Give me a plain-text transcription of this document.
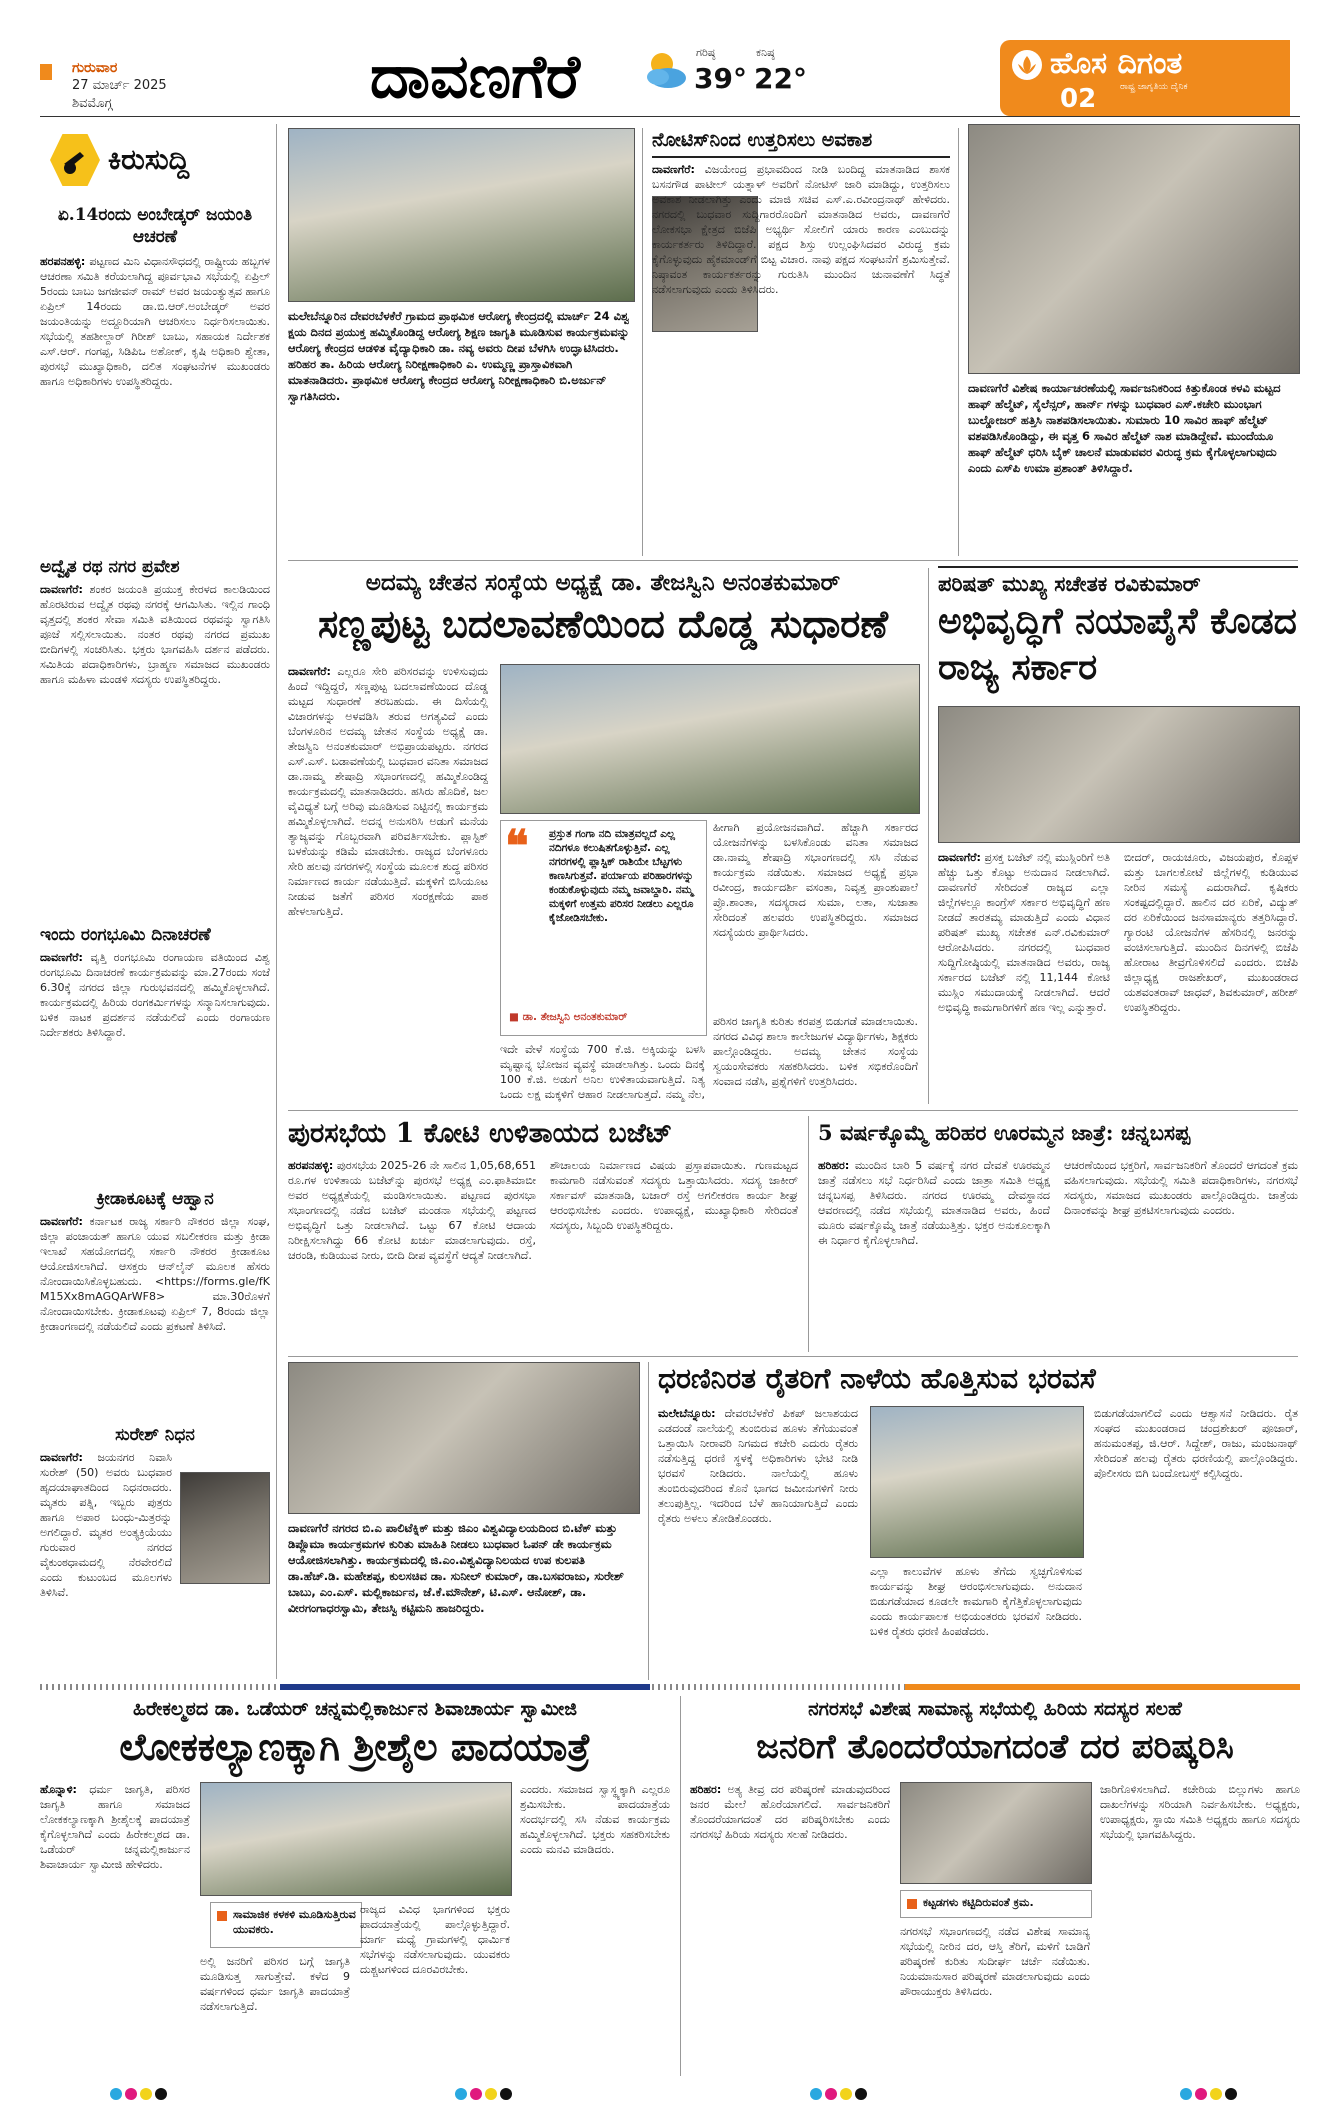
ಗುರುವಾರ
27 ಮಾರ್ಚ್ 2025
ಶಿವಮೊಗ್ಗ	ದಾವಣಗೆರೆ	ಗರಿಷ್ಠ
39°
ಕನಿಷ್ಠ
22°	ಹೊಸ ದಿಗಂತ
ರಾಷ್ಟ್ರ ಜಾಗೃತಿಯ ದೈನಿಕ
02
ಕಿರುಸುದ್ದಿ
ಏ.14ರಂದು ಅಂಬೇಡ್ಕರ್ ಜಯಂತಿ ಆಚರಣೆ
ಹರಪನಹಳ್ಳಿ: ಪಟ್ಟಣದ ಮಿನಿ ವಿಧಾನಸೌಧದಲ್ಲಿ ರಾಷ್ಟ್ರೀಯ ಹಬ್ಬಗಳ ಆಚರಣಾ ಸಮಿತಿ ಕರೆಯಲಾಗಿದ್ದ ಪೂರ್ವಭಾವಿ ಸಭೆಯಲ್ಲಿ ಏಪ್ರಿಲ್ 5ರಂದು ಬಾಬು ಜಗಜೀವನ್ ರಾಮ್ ಅವರ ಜಯಂತ್ಯುತ್ಸವ ಹಾಗೂ ಏಪ್ರಿಲ್ 14ರಂದು ಡಾ.ಬಿ.ಆರ್.ಅಂಬೇಡ್ಕರ್ ಅವರ ಜಯಂತಿಯನ್ನು ಅದ್ದೂರಿಯಾಗಿ ಆಚರಿಸಲು ನಿರ್ಧರಿಸಲಾಯಿತು. ಸಭೆಯಲ್ಲಿ ತಹಶೀಲ್ದಾರ್ ಗಿರೀಶ್ ಬಾಬು, ಸಹಾಯಕ ನಿರ್ದೇಶಕ ಎಸ್.ಆರ್. ಗಂಗಪ್ಪ, ಸಿಡಿಪಿಒ ಅಶೋಕ್, ಕೃಷಿ ಅಧಿಕಾರಿ ಶ್ವೇತಾ, ಪುರಸಭೆ ಮುಖ್ಯಾಧಿಕಾರಿ, ದಲಿತ ಸಂಘಟನೆಗಳ ಮುಖಂಡರು ಹಾಗೂ ಅಧಿಕಾರಿಗಳು ಉಪಸ್ಥಿತರಿದ್ದರು.
ಅದ್ವೈತ ರಥ ನಗರ ಪ್ರವೇಶ
ದಾವಣಗೆರೆ: ಶಂಕರ ಜಯಂತಿ ಪ್ರಯುಕ್ತ ಕೇರಳದ ಕಾಲಡಿಯಿಂದ ಹೊರಟಿರುವ ಅದ್ವೈತ ರಥವು ನಗರಕ್ಕೆ ಆಗಮಿಸಿತು. ಇಲ್ಲಿನ ಗಾಂಧಿ ವೃತ್ತದಲ್ಲಿ ಶಂಕರ ಸೇವಾ ಸಮಿತಿ ವತಿಯಿಂದ ರಥವನ್ನು ಸ್ವಾಗತಿಸಿ ಪೂಜೆ ಸಲ್ಲಿಸಲಾಯಿತು. ನಂತರ ರಥವು ನಗರದ ಪ್ರಮುಖ ಬೀದಿಗಳಲ್ಲಿ ಸಂಚರಿಸಿತು. ಭಕ್ತರು ಭಾಗವಹಿಸಿ ದರ್ಶನ ಪಡೆದರು. ಸಮಿತಿಯ ಪದಾಧಿಕಾರಿಗಳು, ಬ್ರಾಹ್ಮಣ ಸಮಾಜದ ಮುಖಂಡರು ಹಾಗೂ ಮಹಿಳಾ ಮಂಡಳಿ ಸದಸ್ಯರು ಉಪಸ್ಥಿತರಿದ್ದರು.
ಇಂದು ರಂಗಭೂಮಿ ದಿನಾಚರಣೆ
ದಾವಣಗೆರೆ: ವೃತ್ತಿ ರಂಗಭೂಮಿ ರಂಗಾಯಣ ವತಿಯಿಂದ ವಿಶ್ವ ರಂಗಭೂಮಿ ದಿನಾಚರಣೆ ಕಾರ್ಯಕ್ರಮವನ್ನು ಮಾ.27ರಂದು ಸಂಜೆ 6.30ಕ್ಕೆ ನಗರದ ಜಿಲ್ಲಾ ಗುರುಭವನದಲ್ಲಿ ಹಮ್ಮಿಕೊಳ್ಳಲಾಗಿದೆ. ಕಾರ್ಯಕ್ರಮದಲ್ಲಿ ಹಿರಿಯ ರಂಗಕರ್ಮಿಗಳನ್ನು ಸನ್ಮಾನಿಸಲಾಗುವುದು. ಬಳಿಕ ನಾಟಕ ಪ್ರದರ್ಶನ ನಡೆಯಲಿದೆ ಎಂದು ರಂಗಾಯಣ ನಿರ್ದೇಶಕರು ತಿಳಿಸಿದ್ದಾರೆ.
ಕ್ರೀಡಾಕೂಟಕ್ಕೆ ಆಹ್ವಾನ
ದಾವಣಗೆರೆ: ಕರ್ನಾಟಕ ರಾಜ್ಯ ಸರ್ಕಾರಿ ನೌಕರರ ಜಿಲ್ಲಾ ಸಂಘ, ಜಿಲ್ಲಾ ಪಂಚಾಯತ್ ಹಾಗೂ ಯುವ ಸಬಲೀಕರಣ ಮತ್ತು ಕ್ರೀಡಾ ಇಲಾಖೆ ಸಹಯೋಗದಲ್ಲಿ ಸರ್ಕಾರಿ ನೌಕರರ ಕ್ರೀಡಾಕೂಟ ಆಯೋಜಿಸಲಾಗಿದೆ. ಆಸಕ್ತರು ಆನ್‌ಲೈನ್ ಮೂಲಕ ಹೆಸರು ನೋಂದಾಯಿಸಿಕೊಳ್ಳಬಹುದು. <https://forms.gle/fKM15Xx8mAGQArWF8>	ಮಾ.30ರೊಳಗೆ ನೋಂದಾಯಿಸಬೇಕು. ಕ್ರೀಡಾಕೂಟವು ಏಪ್ರಿಲ್ 7, 8ರಂದು ಜಿಲ್ಲಾ ಕ್ರೀಡಾಂಗಣದಲ್ಲಿ ನಡೆಯಲಿದೆ ಎಂದು ಪ್ರಕಟಣೆ ತಿಳಿಸಿದೆ.
ಸುರೇಶ್ ನಿಧನ
ದಾವಣಗೆರೆ: ಜಯನಗರ ನಿವಾಸಿ ಸುರೇಶ್ (50) ಅವರು ಬುಧವಾರ ಹೃದಯಾಘಾತದಿಂದ ನಿಧನರಾದರು. ಮೃತರು ಪತ್ನಿ, ಇಬ್ಬರು ಪುತ್ರರು ಹಾಗೂ ಅಪಾರ ಬಂಧು-ಮಿತ್ರರನ್ನು ಅಗಲಿದ್ದಾರೆ. ಮೃತರ ಅಂತ್ಯಕ್ರಿಯೆಯು ಗುರುವಾರ ನಗರದ ವೈಕುಂಠಧಾಮದಲ್ಲಿ ನೆರವೇರಲಿದೆ ಎಂದು ಕುಟುಂಬದ ಮೂಲಗಳು ತಿಳಿಸಿವೆ.
ಮಲೇಬೆನ್ನೂರಿನ ದೇವರಬೆಳಕೆರೆ ಗ್ರಾಮದ ಪ್ರಾಥಮಿಕ ಆರೋಗ್ಯ ಕೇಂದ್ರದಲ್ಲಿ ಮಾರ್ಚ್ 24 ವಿಶ್ವ ಕ್ಷಯ ದಿನದ ಪ್ರಯುಕ್ತ ಹಮ್ಮಿಕೊಂಡಿದ್ದ ಆರೋಗ್ಯ ಶಿಕ್ಷಣ ಜಾಗೃತಿ ಮೂಡಿಸುವ ಕಾರ್ಯಕ್ರಮವನ್ನು ಆರೋಗ್ಯ ಕೇಂದ್ರದ ಆಡಳಿತ ವೈದ್ಯಾಧಿಕಾರಿ ಡಾ. ನವ್ಯ ಅವರು ದೀಪ ಬೆಳಗಿಸಿ ಉದ್ಘಾಟಿಸಿದರು. ಹರಿಹರ ತಾ. ಹಿರಿಯ ಆರೋಗ್ಯ ನಿರೀಕ್ಷಣಾಧಿಕಾರಿ ಎ. ಉಮ್ಮಣ್ಣ ಪ್ರಾಸ್ತಾವಿಕವಾಗಿ ಮಾತನಾಡಿದರು. ಪ್ರಾಥಮಿಕ ಆರೋಗ್ಯ ಕೇಂದ್ರದ ಆರೋಗ್ಯ ನಿರೀಕ್ಷಣಾಧಿಕಾರಿ ಬಿ.ಅರ್ಜುನ್ ಸ್ವಾಗತಿಸಿದರು.
ನೋಟಿಸ್‌ನಿಂದ ಉತ್ತರಿಸಲು ಅವಕಾಶ
ದಾವಣಗೆರೆ: ವಿಜಯೇಂದ್ರ ಪ್ರಭಾವದಿಂದ ನೀಡಿ ಬಂದಿದ್ದ ಮಾತನಾಡಿದ ಶಾಸಕ ಬಸನಗೌಡ ಪಾಟೀಲ್ ಯತ್ನಾಳ್ ಅವರಿಗೆ ನೋಟಿಸ್ ಜಾರಿ ಮಾಡಿದ್ದು, ಉತ್ತರಿಸಲು ಅವಕಾಶ ನೀಡಲಾಗಿತ್ತು ಎಂದು ಮಾಜಿ ಸಚಿವ ಎಸ್.ಎ.ರವೀಂದ್ರನಾಥ್ ಹೇಳಿದರು. ನಗರದಲ್ಲಿ ಬುಧವಾರ ಸುದ್ದಿಗಾರರೊಂದಿಗೆ ಮಾತನಾಡಿದ ಅವರು, ದಾವಣಗೆರೆ ಲೋಕಸಭಾ ಕ್ಷೇತ್ರದ ಬಿಜೆಪಿ ಅಭ್ಯರ್ಥಿ ಸೋಲಿಗೆ ಯಾರು ಕಾರಣ ಎಂಬುದನ್ನು ಕಾರ್ಯಕರ್ತರು ತಿಳಿದಿದ್ದಾರೆ. ಪಕ್ಷದ ಶಿಸ್ತು ಉಲ್ಲಂಘಿಸಿದವರ ವಿರುದ್ಧ ಕ್ರಮ ಕೈಗೊಳ್ಳುವುದು ಹೈಕಮಾಂಡ್‌ಗೆ ಬಿಟ್ಟ ವಿಚಾರ. ನಾವು ಪಕ್ಷದ ಸಂಘಟನೆಗೆ ಶ್ರಮಿಸುತ್ತೇವೆ. ನಿಷ್ಠಾವಂತ ಕಾರ್ಯಕರ್ತರನ್ನು ಗುರುತಿಸಿ ಮುಂದಿನ ಚುನಾವಣೆಗೆ ಸಿದ್ಧತೆ ನಡೆಸಲಾಗುವುದು ಎಂದು ತಿಳಿಸಿದರು.
ದಾವಣಗೆರೆ ವಿಶೇಷ ಕಾರ್ಯಾಚರಣೆಯಲ್ಲಿ ಸಾರ್ವಜನಿಕರಿಂದ ಕಿತ್ತುಕೊಂಡ ಕಳವಿ ಮಟ್ಟದ ಹಾಫ್ ಹೆಲ್ಮೆಟ್, ಸೈಲೆನ್ಸರ್, ಹಾರ್ನ್ ಗಳನ್ನು ಬುಧವಾರ ಎಸ್.ಕಚೇರಿ ಮುಂಭಾಗ ಬುಲ್ಡೋಜರ್ ಹತ್ತಿಸಿ ನಾಶಪಡಿಸಲಾಯಿತು. ಸುಮಾರು 10 ಸಾವಿರ ಹಾಫ್ ಹೆಲ್ಮೆಟ್ ವಶಪಡಿಸಿಕೊಂಡಿದ್ದು, ಈ ವೃತ್ತ 6 ಸಾವಿರ ಹೆಲ್ಮೆಟ್ ನಾಶ ಮಾಡಿದ್ದೇವೆ. ಮುಂದೆಯೂ ಹಾಫ್ ಹೆಲ್ಮೆಟ್ ಧರಿಸಿ ಬೈಕ್ ಚಾಲನೆ ಮಾಡುವವರ ವಿರುದ್ಧ ಕ್ರಮ ಕೈಗೊಳ್ಳಲಾಗುವುದು ಎಂದು ಎಸ್‌ಪಿ ಉಮಾ ಪ್ರಶಾಂತ್ ತಿಳಿಸಿದ್ದಾರೆ.
ಅದಮ್ಯ ಚೇತನ ಸಂಸ್ಥೆಯ ಅಧ್ಯಕ್ಷೆ ಡಾ. ತೇಜಸ್ವಿನಿ ಅನಂತಕುಮಾರ್
ಸಣ್ಣಪುಟ್ಟ ಬದಲಾವಣೆಯಿಂದ ದೊಡ್ಡ ಸುಧಾರಣೆ
ದಾವಣಗೆರೆ: ಎಲ್ಲರೂ ಸೇರಿ ಪರಿಸರವನ್ನು ಉಳಿಸುವುದು ಹಿಂದೆ ಇದ್ದಿದ್ದರೆ, ಸಣ್ಣಪುಟ್ಟ ಬದಲಾವಣೆಯಿಂದ ದೊಡ್ಡ ಮಟ್ಟದ ಸುಧಾರಣೆ ತರಬಹುದು. ಈ ದಿಸೆಯಲ್ಲಿ ವಿಚಾರಗಳನ್ನು ಅಳವಡಿಸಿ ತರುವ ಅಗತ್ಯವಿದೆ ಎಂದು ಬೆಂಗಳೂರಿನ ಅದಮ್ಯ ಚೇತನ ಸಂಸ್ಥೆಯ ಅಧ್ಯಕ್ಷೆ ಡಾ. ತೇಜಸ್ವಿನಿ ಅನಂತಕುಮಾರ್ ಅಭಿಪ್ರಾಯಪಟ್ಟರು. ನಗರದ ಎಸ್.ಎಸ್. ಬಡಾವಣೆಯಲ್ಲಿ ಬುಧವಾರ ವನಿತಾ ಸಮಾಜದ ಡಾ.ನಾಮ್ಮ ಶೇಷಾದ್ರಿ ಸಭಾಂಗಣದಲ್ಲಿ ಹಮ್ಮಿಕೊಂಡಿದ್ದ ಕಾರ್ಯಕ್ರಮದಲ್ಲಿ ಮಾತನಾಡಿದರು. ಹಸಿರು ಹೊದಿಕೆ, ಜಲ ವೈವಿಧ್ಯತೆ ಬಗ್ಗೆ ಅರಿವು ಮೂಡಿಸುವ ನಿಟ್ಟಿನಲ್ಲಿ ಕಾರ್ಯಕ್ರಮ ಹಮ್ಮಿಕೊಳ್ಳಲಾಗಿದೆ. ಅದನ್ನ ಅನುಸರಿಸಿ ಅಡುಗೆ ಮನೆಯ ತ್ಯಾಜ್ಯವನ್ನು ಗೊಬ್ಬರವಾಗಿ ಪರಿವರ್ತಿಸಬೇಕು. ಪ್ಲಾಸ್ಟಿಕ್ ಬಳಕೆಯನ್ನು ಕಡಿಮೆ ಮಾಡಬೇಕು. ರಾಜ್ಯದ ಬೆಂಗಳೂರು ಸೇರಿ ಹಲವು ನಗರಗಳಲ್ಲಿ ಸಂಸ್ಥೆಯ ಮೂಲಕ ಶುದ್ಧ ಪರಿಸರ ನಿರ್ಮಾಣದ ಕಾರ್ಯ ನಡೆಯುತ್ತಿದೆ. ಮಕ್ಕಳಿಗೆ ಬಿಸಿಯೂಟ ನೀಡುವ ಜತೆಗೆ ಪರಿಸರ ಸಂರಕ್ಷಣೆಯ ಪಾಠ ಹೇಳಲಾಗುತ್ತಿದೆ.
❝	ಪ್ರಸ್ತುತ ಗಂಗಾ ನದಿ ಮಾತ್ರವಲ್ಲದೆ ಎಲ್ಲ ನದಿಗಳೂ ಕಲುಷಿತಗೊಳ್ಳುತ್ತಿವೆ. ಎಲ್ಲ ನಗರಗಳಲ್ಲಿ ಪ್ಲಾಸ್ಟಿಕ್ ರಾಶಿಯೇ ಬೆಟ್ಟಗಳು ಕಾಣಸಿಗುತ್ತವೆ. ಪರ್ಯಾಯ ಪರಿಹಾರಗಳನ್ನು ಕಂಡುಕೊಳ್ಳುವುದು ನಮ್ಮ ಜವಾಬ್ದಾರಿ. ನಮ್ಮ ಮಕ್ಕಳಿಗೆ ಉತ್ತಮ ಪರಿಸರ ನೀಡಲು ಎಲ್ಲರೂ ಕೈಜೋಡಿಸಬೇಕು.
■ ಡಾ. ತೇಜಸ್ವಿನಿ ಅನಂತಕುಮಾರ್
ಇದೇ ವೇಳೆ ಸಂಸ್ಥೆಯ 700 ಕೆ.ಜಿ. ಅಕ್ಕಿಯನ್ನು ಬಳಸಿ ಮೃಷ್ಟಾನ್ನ ಭೋಜನ ವ್ಯವಸ್ಥೆ ಮಾಡಲಾಗಿತ್ತು. ಒಂದು ದಿನಕ್ಕೆ 100 ಕೆ.ಜಿ. ಅಡುಗೆ ಅನಿಲ ಉಳಿತಾಯವಾಗುತ್ತಿದೆ. ನಿತ್ಯ ಒಂದು ಲಕ್ಷ ಮಕ್ಕಳಿಗೆ ಆಹಾರ ನೀಡಲಾಗುತ್ತದೆ. ನಮ್ಮ ನೆಲ,
ಹೀಗಾಗಿ ಪ್ರಯೋಜನವಾಗಿದೆ. ಹೆಚ್ಚಾಗಿ ಸರ್ಕಾರದ ಯೋಜನೆಗಳನ್ನು ಬಳಸಿಕೊಂಡು ವನಿತಾ ಸಮಾಜದ ಡಾ.ನಾಮ್ಮ ಶೇಷಾದ್ರಿ ಸಭಾಂಗಣದಲ್ಲಿ ಸಸಿ ನೆಡುವ ಕಾರ್ಯಕ್ರಮ ನಡೆಯಿತು. ಸಮಾಜದ ಅಧ್ಯಕ್ಷೆ ಪ್ರಭಾ ರವೀಂದ್ರ, ಕಾರ್ಯದರ್ಶಿ ವಸಂತಾ, ನಿವೃತ್ತ ಪ್ರಾಂಶುಪಾಲೆ ಪ್ರೊ.ಶಾಂತಾ, ಸದಸ್ಯರಾದ ಸುಮಾ, ಲತಾ, ಸುಜಾತಾ ಸೇರಿದಂತೆ ಹಲವರು ಉಪಸ್ಥಿತರಿದ್ದರು. ಸಮಾಜದ ಸದಸ್ಯೆಯರು ಪ್ರಾರ್ಥಿಸಿದರು.
ಪರಿಸರ ಜಾಗೃತಿ ಕುರಿತು ಕರಪತ್ರ ಬಿಡುಗಡೆ ಮಾಡಲಾಯಿತು. ನಗರದ ವಿವಿಧ ಶಾಲಾ ಕಾಲೇಜುಗಳ ವಿದ್ಯಾರ್ಥಿಗಳು, ಶಿಕ್ಷಕರು ಪಾಲ್ಗೊಂಡಿದ್ದರು. ಅದಮ್ಯ ಚೇತನ ಸಂಸ್ಥೆಯ ಸ್ವಯಂಸೇವಕರು ಸಹಕರಿಸಿದರು. ಬಳಿಕ ಸಭಿಕರೊಂದಿಗೆ ಸಂವಾದ ನಡೆಸಿ, ಪ್ರಶ್ನೆಗಳಿಗೆ ಉತ್ತರಿಸಿದರು.
ಪರಿಷತ್ ಮುಖ್ಯ ಸಚೇತಕ ರವಿಕುಮಾರ್
ಅಭಿವೃದ್ಧಿಗೆ ನಯಾಪೈಸೆ ಕೊಡದ ರಾಜ್ಯ ಸರ್ಕಾರ
ದಾವಣಗೆರೆ: ಪ್ರಸಕ್ತ ಬಜೆಟ್ ನಲ್ಲಿ ಮುಸ್ಲಿಂರಿಗೆ ಅತಿ ಹೆಚ್ಚು ಒತ್ತು ಕೊಟ್ಟು ಅನುದಾನ ನೀಡಲಾಗಿದೆ. ದಾವಣಗೆರೆ ಸೇರಿದಂತೆ ರಾಜ್ಯದ ಎಲ್ಲಾ ಜಿಲ್ಲೆಗಳಲ್ಲೂ ಕಾಂಗ್ರೆಸ್ ಸರ್ಕಾರ ಅಭಿವೃದ್ಧಿಗೆ ಹಣ ನೀಡದೆ ತಾರತಮ್ಯ ಮಾಡುತ್ತಿದೆ ಎಂದು ವಿಧಾನ ಪರಿಷತ್ ಮುಖ್ಯ ಸಚೇತಕ ಎನ್.ರವಿಕುಮಾರ್ ಆರೋಪಿಸಿದರು. ನಗರದಲ್ಲಿ ಬುಧವಾರ ಸುದ್ದಿಗೋಷ್ಠಿಯಲ್ಲಿ ಮಾತನಾಡಿದ ಅವರು, ರಾಜ್ಯ ಸರ್ಕಾರದ ಬಜೆಟ್ ನಲ್ಲಿ 11,144 ಕೋಟಿ ಮುಸ್ಲಿಂ ಸಮುದಾಯಕ್ಕೆ ನೀಡಲಾಗಿದೆ. ಆದರೆ ಅಭಿವೃದ್ಧಿ ಕಾಮಗಾರಿಗಳಿಗೆ ಹಣ ಇಲ್ಲ ಎನ್ನುತ್ತಾರೆ.
ಬೀದರ್, ರಾಯಚೂರು, ವಿಜಯಪುರ, ಕೊಪ್ಪಳ ಮತ್ತು ಬಾಗಲಕೋಟೆ ಜಿಲ್ಲೆಗಳಲ್ಲಿ ಕುಡಿಯುವ ನೀರಿನ ಸಮಸ್ಯೆ ಎದುರಾಗಿದೆ. ಕೃಷಿಕರು ಸಂಕಷ್ಟದಲ್ಲಿದ್ದಾರೆ. ಹಾಲಿನ ದರ ಏರಿಕೆ, ವಿದ್ಯುತ್ ದರ ಏರಿಕೆಯಿಂದ ಜನಸಾಮಾನ್ಯರು ತತ್ತರಿಸಿದ್ದಾರೆ. ಗ್ಯಾರಂಟಿ ಯೋಜನೆಗಳ ಹೆಸರಿನಲ್ಲಿ ಜನರನ್ನು ವಂಚಿಸಲಾಗುತ್ತಿದೆ. ಮುಂದಿನ ದಿನಗಳಲ್ಲಿ ಬಿಜೆಪಿ ಹೋರಾಟ ತೀವ್ರಗೊಳಿಸಲಿದೆ ಎಂದರು. ಬಿಜೆಪಿ ಜಿಲ್ಲಾಧ್ಯಕ್ಷ ರಾಜಶೇಖರ್, ಮುಖಂಡರಾದ ಯಶವಂತರಾವ್ ಜಾಧವ್, ಶಿವಕುಮಾರ್, ಹರೀಶ್ ಉಪಸ್ಥಿತರಿದ್ದರು.
ಪುರಸಭೆಯ 1 ಕೋಟಿ ಉಳಿತಾಯದ ಬಜೆಟ್
ಹರಪನಹಳ್ಳಿ: ಪುರಸಭೆಯ 2025-26 ನೇ ಸಾಲಿನ 1,05,68,651 ರೂ.ಗಳ ಉಳಿತಾಯ ಬಜೆಟ್‌ನ್ನು ಪುರಸಭೆ ಅಧ್ಯಕ್ಷ ಎಂ.ಫಾತಿಮಾಬೀ ಅವರ ಅಧ್ಯಕ್ಷತೆಯಲ್ಲಿ ಮಂಡಿಸಲಾಯಿತು. ಪಟ್ಟಣದ ಪುರಸಭಾ ಸಭಾಂಗಣದಲ್ಲಿ ನಡೆದ ಬಜೆಟ್ ಮಂಡನಾ ಸಭೆಯಲ್ಲಿ ಪಟ್ಟಣದ ಅಭಿವೃದ್ಧಿಗೆ ಒತ್ತು ನೀಡಲಾಗಿದೆ. ಒಟ್ಟು 67 ಕೋಟಿ ಆದಾಯ ನಿರೀಕ್ಷಿಸಲಾಗಿದ್ದು 66 ಕೋಟಿ ಖರ್ಚು ಮಾಡಲಾಗುವುದು. ರಸ್ತೆ, ಚರಂಡಿ, ಕುಡಿಯುವ ನೀರು, ಬೀದಿ ದೀಪ ವ್ಯವಸ್ಥೆಗೆ ಆದ್ಯತೆ ನೀಡಲಾಗಿದೆ.
ಶೌಚಾಲಯ ನಿರ್ಮಾಣದ ವಿಷಯ ಪ್ರಸ್ತಾಪವಾಯಿತು. ಗುಣಮಟ್ಟದ ಕಾಮಗಾರಿ ನಡೆಸುವಂತೆ ಸದಸ್ಯರು ಒತ್ತಾಯಿಸಿದರು. ಸದಸ್ಯ ಜಾಕೀರ್ ಸರ್ಕಾವಸ್ ಮಾತನಾಡಿ, ಬಜಾರ್ ರಸ್ತೆ ಅಗಲೀಕರಣ ಕಾರ್ಯ ಶೀಘ್ರ ಆರಂಭಿಸಬೇಕು ಎಂದರು. ಉಪಾಧ್ಯಕ್ಷೆ, ಮುಖ್ಯಾಧಿಕಾರಿ ಸೇರಿದಂತೆ ಸದಸ್ಯರು, ಸಿಬ್ಬಂದಿ ಉಪಸ್ಥಿತರಿದ್ದರು.
5 ವರ್ಷಕ್ಕೊಮ್ಮೆ ಹರಿಹರ ಊರಮ್ಮನ ಜಾತ್ರೆ: ಚನ್ನಬಸಪ್ಪ
ಹರಿಹರ: ಮುಂದಿನ ಬಾರಿ 5 ವರ್ಷಕ್ಕೆ ನಗರ ದೇವತೆ ಊರಮ್ಮನ ಜಾತ್ರೆ ನಡೆಸಲು ಸಭೆ ನಿರ್ಧರಿಸಿದೆ ಎಂದು ಜಾತ್ರಾ ಸಮಿತಿ ಅಧ್ಯಕ್ಷ ಚನ್ನಬಸಪ್ಪ ತಿಳಿಸಿದರು. ನಗರದ ಊರಮ್ಮ ದೇವಸ್ಥಾನದ ಆವರಣದಲ್ಲಿ ನಡೆದ ಸಭೆಯಲ್ಲಿ ಮಾತನಾಡಿದ ಅವರು, ಹಿಂದೆ ಮೂರು ವರ್ಷಕ್ಕೊಮ್ಮೆ ಜಾತ್ರೆ ನಡೆಯುತ್ತಿತ್ತು. ಭಕ್ತರ ಅನುಕೂಲಕ್ಕಾಗಿ ಈ ನಿರ್ಧಾರ ಕೈಗೊಳ್ಳಲಾಗಿದೆ.
ಆಚರಣೆಯಿಂದ ಭಕ್ತರಿಗೆ, ಸಾರ್ವಜನಿಕರಿಗೆ ತೊಂದರೆ ಆಗದಂತೆ ಕ್ರಮ ವಹಿಸಲಾಗುವುದು. ಸಭೆಯಲ್ಲಿ ಸಮಿತಿ ಪದಾಧಿಕಾರಿಗಳು, ನಗರಸಭೆ ಸದಸ್ಯರು, ಸಮಾಜದ ಮುಖಂಡರು ಪಾಲ್ಗೊಂಡಿದ್ದರು. ಜಾತ್ರೆಯ ದಿನಾಂಕವನ್ನು ಶೀಘ್ರ ಪ್ರಕಟಿಸಲಾಗುವುದು ಎಂದರು.
ದಾವಣಗೆರೆ ನಗರದ ಬಿ.ಎ ಪಾಲಿಟೆಕ್ನಿಕ್ ಮತ್ತು ಜಿಎಂ ವಿಶ್ವವಿದ್ಯಾಲಯದಿಂದ ಬಿ.ಟೆಕ್ ಮತ್ತು ಡಿಪ್ಲೊಮಾ ಕಾರ್ಯಕ್ರಮಗಳ ಕುರಿತು ಮಾಹಿತಿ ನೀಡಲು ಬುಧವಾರ ಓಪನ್ ಡೇ ಕಾರ್ಯಕ್ರಮ ಆಯೋಜಿಸಲಾಗಿತ್ತು. ಕಾರ್ಯಕ್ರಮದಲ್ಲಿ ಜಿ.ಎಂ.ವಿಶ್ವವಿದ್ಯಾನಿಲಯದ ಉಪ ಕುಲಪತಿ ಡಾ.ಹೆಚ್.ಡಿ. ಮಹೇಶಪ್ಪ, ಕುಲಸಚಿವ ಡಾ. ಸುನೀಲ್ ಕುಮಾರ್, ಡಾ.ಬಸವರಾಜು, ಸುರೇಶ್ ಬಾಬು, ಎಂ.ಎಸ್. ಮಲ್ಲಿಕಾರ್ಜುನ, ಜೆ.ಕೆ.ಮೌನೇಶ್, ಟಿ.ಎಸ್. ಆನೋಶ್, ಡಾ. ವೀರಗಂಗಾಧರಸ್ವಾಮಿ, ತೇಜಸ್ವಿ ಕಟ್ಟಿಮನಿ ಹಾಜರಿದ್ದರು.
ಧರಣಿನಿರತ ರೈತರಿಗೆ ನಾಳೆಯ ಹೊತ್ತಿಸುವ ಭರವಸೆ
ಮಲೇಬೆನ್ನೂರು: ದೇವರಬೆಳಕೆರೆ ಪಿಕಪ್ ಜಲಾಶಯದ ಎಡದಂಡೆ ನಾಲೆಯಲ್ಲಿ ತುಂಬಿರುವ ಹೂಳು ತೆಗೆಯುವಂತೆ ಒತ್ತಾಯಿಸಿ ನೀರಾವರಿ ನಿಗಮದ ಕಚೇರಿ ಎದುರು ರೈತರು ನಡೆಸುತ್ತಿದ್ದ ಧರಣಿ ಸ್ಥಳಕ್ಕೆ ಅಧಿಕಾರಿಗಳು ಭೇಟಿ ನೀಡಿ ಭರವಸೆ ನೀಡಿದರು. ನಾಲೆಯಲ್ಲಿ ಹೂಳು ತುಂಬಿರುವುದರಿಂದ ಕೊನೆ ಭಾಗದ ಜಮೀನುಗಳಿಗೆ ನೀರು ತಲುಪುತ್ತಿಲ್ಲ. ಇದರಿಂದ ಬೆಳೆ ಹಾನಿಯಾಗುತ್ತಿದೆ ಎಂದು ರೈತರು ಅಳಲು ತೋಡಿಕೊಂಡರು.
ಎಲ್ಲಾ ಕಾಲುವೆಗಳ ಹೂಳು ತೆಗೆದು ಸ್ವಚ್ಛಗೊಳಿಸುವ ಕಾರ್ಯವನ್ನು ಶೀಘ್ರ ಆರಂಭಿಸಲಾಗುವುದು. ಅನುದಾನ ಬಿಡುಗಡೆಯಾದ ಕೂಡಲೇ ಕಾಮಗಾರಿ ಕೈಗೆತ್ತಿಕೊಳ್ಳಲಾಗುವುದು ಎಂದು ಕಾರ್ಯಪಾಲಕ ಅಭಿಯಂತರರು ಭರವಸೆ ನೀಡಿದರು. ಬಳಿಕ ರೈತರು ಧರಣಿ ಹಿಂಪಡೆದರು.
ಬಿಡುಗಡೆಯಾಗಲಿದೆ ಎಂದು ಆಶ್ವಾಸನೆ ನೀಡಿದರು. ರೈತ ಸಂಘದ ಮುಖಂಡರಾದ ಚಂದ್ರಶೇಖರ್ ಪೂಜಾರ್, ಹನುಮಂತಪ್ಪ, ಜಿ.ಆರ್. ಸಿದ್ದೇಶ್, ರಾಜು, ಮಂಜುನಾಥ್ ಸೇರಿದಂತೆ ಹಲವು ರೈತರು ಧರಣಿಯಲ್ಲಿ ಪಾಲ್ಗೊಂಡಿದ್ದರು. ಪೊಲೀಸರು ಬಿಗಿ ಬಂದೋಬಸ್ತ್ ಕಲ್ಪಿಸಿದ್ದರು.
ಹಿರೇಕಲ್ಮಠದ ಡಾ. ಒಡೆಯರ್ ಚನ್ನಮಲ್ಲಿಕಾರ್ಜುನ ಶಿವಾಚಾರ್ಯ ಸ್ವಾಮೀಜಿ
ಲೋಕಕಲ್ಯಾಣಕ್ಕಾಗಿ ಶ್ರೀಶೈಲ ಪಾದಯಾತ್ರೆ
ಹೊನ್ನಾಳಿ: ಧರ್ಮ ಜಾಗೃತಿ, ಪರಿಸರ ಜಾಗೃತಿ ಹಾಗೂ ಸಮಾಜದ ಲೋಕಕಲ್ಯಾಣಕ್ಕಾಗಿ ಶ್ರೀಶೈಲಕ್ಕೆ ಪಾದಯಾತ್ರೆ ಕೈಗೊಳ್ಳಲಾಗಿದೆ ಎಂದು ಹಿರೇಕಲ್ಮಠದ ಡಾ. ಒಡೆಯರ್ ಚನ್ನಮಲ್ಲಿಕಾರ್ಜುನ ಶಿವಾಚಾರ್ಯ ಸ್ವಾಮೀಜಿ ಹೇಳಿದರು.
ಸಾಮಾಜಿಕ ಕಳಕಳಿ ಮೂಡಿಸುತ್ತಿರುವ ಯುವಕರು.
ಅಲ್ಲಿ ಜನರಿಗೆ ಪರಿಸರ ಬಗ್ಗೆ ಜಾಗೃತಿ ಮೂಡಿಸುತ್ತ ಸಾಗುತ್ತೇವೆ. ಕಳೆದ 9 ವರ್ಷಗಳಿಂದ ಧರ್ಮ ಜಾಗೃತಿ ಪಾದಯಾತ್ರೆ ನಡೆಸಲಾಗುತ್ತಿದೆ.
ರಾಜ್ಯದ ವಿವಿಧ ಭಾಗಗಳಿಂದ ಭಕ್ತರು ಪಾದಯಾತ್ರೆಯಲ್ಲಿ ಪಾಲ್ಗೊಳ್ಳುತ್ತಿದ್ದಾರೆ. ಮಾರ್ಗ ಮಧ್ಯೆ ಗ್ರಾಮಗಳಲ್ಲಿ ಧಾರ್ಮಿಕ ಸಭೆಗಳನ್ನು ನಡೆಸಲಾಗುವುದು. ಯುವಕರು ದುಶ್ಚಟಗಳಿಂದ ದೂರವಿರಬೇಕು.
ಎಂದರು. ಸಮಾಜದ ಸ್ವಾಸ್ಥ್ಯಕ್ಕಾಗಿ ಎಲ್ಲರೂ ಶ್ರಮಿಸಬೇಕು. ಪಾದಯಾತ್ರೆಯ ಸಂದರ್ಭದಲ್ಲಿ ಸಸಿ ನೆಡುವ ಕಾರ್ಯಕ್ರಮ ಹಮ್ಮಿಕೊಳ್ಳಲಾಗಿದೆ. ಭಕ್ತರು ಸಹಕರಿಸಬೇಕು ಎಂದು ಮನವಿ ಮಾಡಿದರು.
ನಗರಸಭೆ ವಿಶೇಷ ಸಾಮಾನ್ಯ ಸಭೆಯಲ್ಲಿ ಹಿರಿಯ ಸದಸ್ಯರ ಸಲಹೆ
ಜನರಿಗೆ ತೊಂದರೆಯಾಗದಂತೆ ದರ ಪರಿಷ್ಕರಿಸಿ
ಹರಿಹರ: ಅತ್ಯ ತೀವ್ರ ದರ ಪರಿಷ್ಕರಣೆ ಮಾಡುವುದರಿಂದ ಜನರ ಮೇಲೆ ಹೊರೆಯಾಗಲಿದೆ. ಸಾರ್ವಜನಿಕರಿಗೆ ತೊಂದರೆಯಾಗದಂತೆ ದರ ಪರಿಷ್ಕರಿಸಬೇಕು ಎಂದು ನಗರಸಭೆ ಹಿರಿಯ ಸದಸ್ಯರು ಸಲಹೆ ನೀಡಿದರು.
ಕಟ್ಟಡಗಳು ಕಟ್ಟಿದಿರುವಂತೆ ಕ್ರಮ.
ನಗರಸಭೆ ಸಭಾಂಗಣದಲ್ಲಿ ನಡೆದ ವಿಶೇಷ ಸಾಮಾನ್ಯ ಸಭೆಯಲ್ಲಿ ನೀರಿನ ದರ, ಆಸ್ತಿ ತೆರಿಗೆ, ಮಳಿಗೆ ಬಾಡಿಗೆ ಪರಿಷ್ಕರಣೆ ಕುರಿತು ಸುದೀರ್ಘ ಚರ್ಚೆ ನಡೆಯಿತು. ನಿಯಮಾನುಸಾರ ಪರಿಷ್ಕರಣೆ ಮಾಡಲಾಗುವುದು ಎಂದು ಪೌರಾಯುಕ್ತರು ತಿಳಿಸಿದರು.
ಜಾರಿಗೊಳಿಸಲಾಗಿದೆ. ಕಚೇರಿಯ ಬಿಲ್ಲುಗಳು ಹಾಗೂ ದಾಖಲೆಗಳನ್ನು ಸರಿಯಾಗಿ ನಿರ್ವಹಿಸಬೇಕು. ಅಧ್ಯಕ್ಷರು, ಉಪಾಧ್ಯಕ್ಷರು, ಸ್ಥಾಯಿ ಸಮಿತಿ ಅಧ್ಯಕ್ಷರು ಹಾಗೂ ಸದಸ್ಯರು ಸಭೆಯಲ್ಲಿ ಭಾಗವಹಿಸಿದ್ದರು.
